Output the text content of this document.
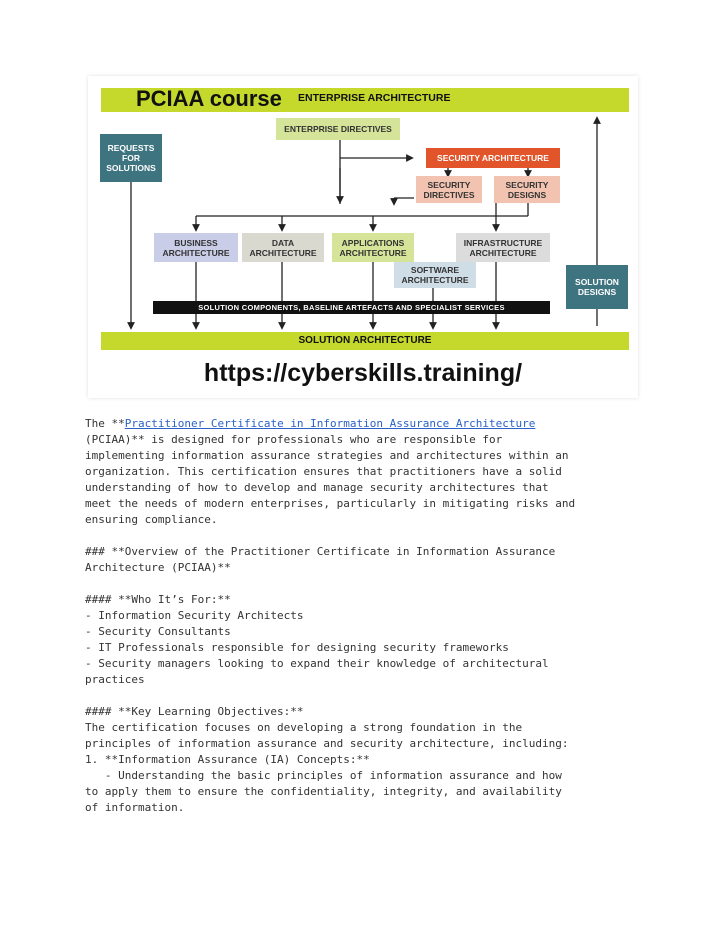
PCIAA course ENTERPRISE ARCHITECTURE
ENTERPRISE DIRECTIVES
REQUESTS
FOR
SOLUTIONS
SECURITY ARCHITECTURE
SECURITY
DIRECTIVES
SECURITY
DESIGNS
BUSINESS
ARCHITECTURE
DATA
ARCHITECTURE
APPLICATIONS
ARCHITECTURE
INFRASTRUCTURE
ARCHITECTURE
SOFTWARE
ARCHITECTURE	SOLUTION
DESIGNS
SOLUTION COMPONENTS, BASELINE ARTEFACTS AND SPECIALIST SERVICES
SOLUTION ARCHITECTURE
https://cyberskills.training/

The **Practitioner Certificate in Information Assurance Architecture
(PCIAA)** is designed for professionals who are responsible for
implementing information assurance strategies and architectures within an
organization. This certification ensures that practitioners have a solid
understanding of how to develop and manage security architectures that
meet the needs of modern enterprises, particularly in mitigating risks and
ensuring compliance.

### **Overview of the Practitioner Certificate in Information Assurance
Architecture (PCIAA)**

#### **Who It’s For:**

- Information Security Architects

- Security Consultants

- IT Professionals responsible for designing security frameworks

- Security managers looking to expand their knowledge of architectural
practices

#### **Key Learning Objectives:**

The certification focuses on developing a strong foundation in the
principles of information assurance and security architecture, including:

1. **Information Assurance (IA) Concepts:**

- Understanding the basic principles of information assurance and how
to apply them to ensure the confidentiality, integrity, and availability
of information.
